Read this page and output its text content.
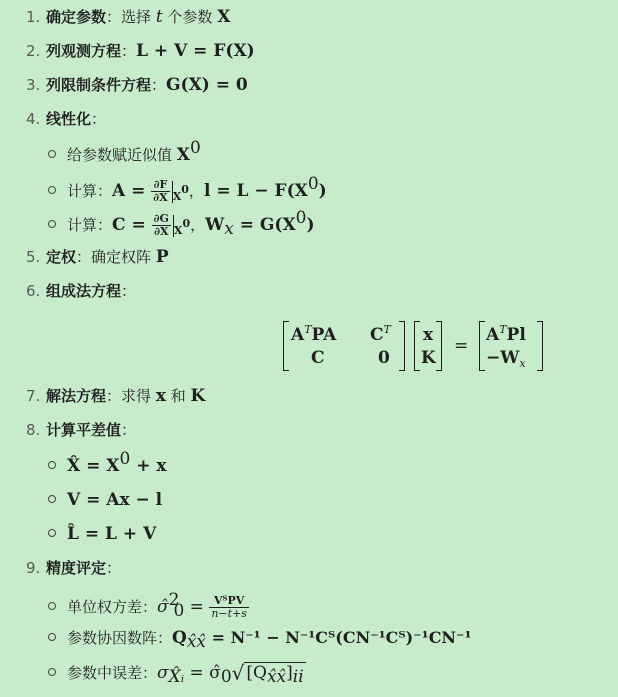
1. 确定参数：选择 t 个参数 X
2. 列观测方程：L + V = F(X)
3. 列限制条件方程：G(X) = 0
4. 线性化：
给参数赋近似值 $X^0$
计算：$A = \frac{\partial F}{\partial X} _{X^0}$，$l = L - F(X^0)$
计算：$C = \frac{\partial G}{\partial X} _{X^0}$，$W_x = G(X^0)$
5. 定权：确定权阵 P
6. 组成法方程：
$A^TPA$ $C^T$
C	0
x
K
=
$A^TPl$
$-W_x$
7. 解法方程：求得 x 和 K
8. 计算平差值：
X̂ = $X^0 + x$
V = Ax − l
L̂ = L + V
9. 精度评定：
单位权方差：σ̂$^2_0$ = $\frac{\text{VᵀPV}}{n-t+s}$
参数协因数阵：$Q_{x̂x̂} = N^{-1}$ − N⁻¹Cᵀ(CN⁻¹Cᵀ)⁻¹CN⁻¹
参数中误差：$\sigma_{X̂ᵢ}$ = $\sigmâ_0√$ $[Q_{x̂x̂}]_{ii}$
